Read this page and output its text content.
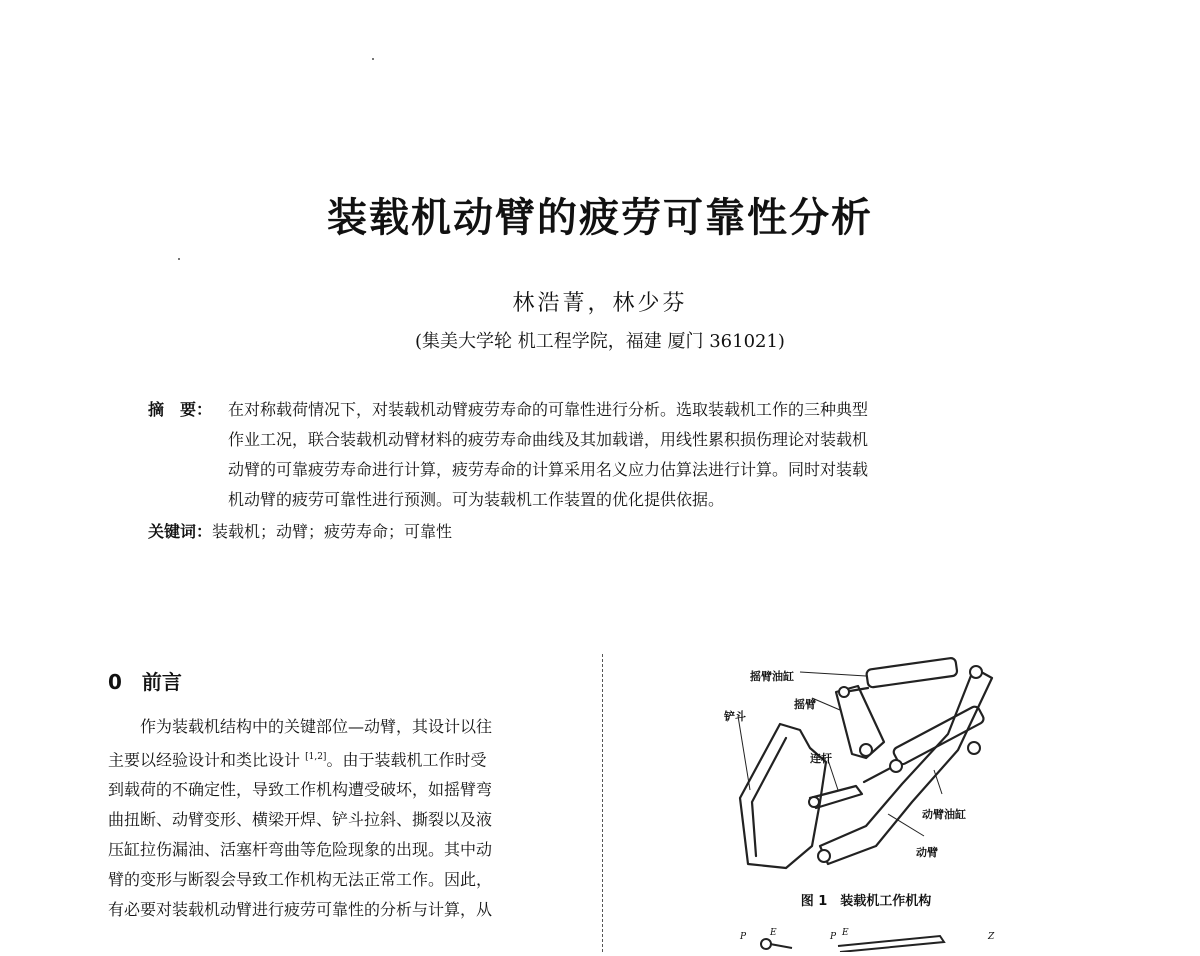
装载机动臂的疲劳可靠性分析
林浩菁，林少芬
(集美大学轮 机工程学院，福建 厦门 361021)
摘　要： 在对称载荷情况下，对装载机动臂疲劳寿命的可靠性进行分析。选取装载机工作的三种典型
作业工况，联合装载机动臂材料的疲劳寿命曲线及其加载谱，用线性累积损伤理论对装载机
动臂的可靠疲劳寿命进行计算，疲劳寿命的计算采用名义应力估算法进行计算。同时对装载
机动臂的疲劳可靠性进行预测。可为装载机工作装置的优化提供依据。
关键词： 装载机；动臂；疲劳寿命；可靠性
0　前言
　　作为装载机结构中的关键部位—动臂，其设计以往
主要以经验设计和类比设计 [1,2]。由于装载机工作时受
到载荷的不确定性，导致工作机构遭受破坏，如摇臂弯
曲扭断、动臂变形、横梁开焊、铲斗拉斜、撕裂以及液
压缸拉伤漏油、活塞杆弯曲等危险现象的出现。其中动
臂的变形与断裂会导致工作机构无法正常工作。因此，
有必要对装载机动臂进行疲劳可靠性的分析与计算，从
摇臂油缸
摇臂
铲斗
连杆
动臂油缸
动臂
图 1　装载机工作机构
P	E	P E	Z
